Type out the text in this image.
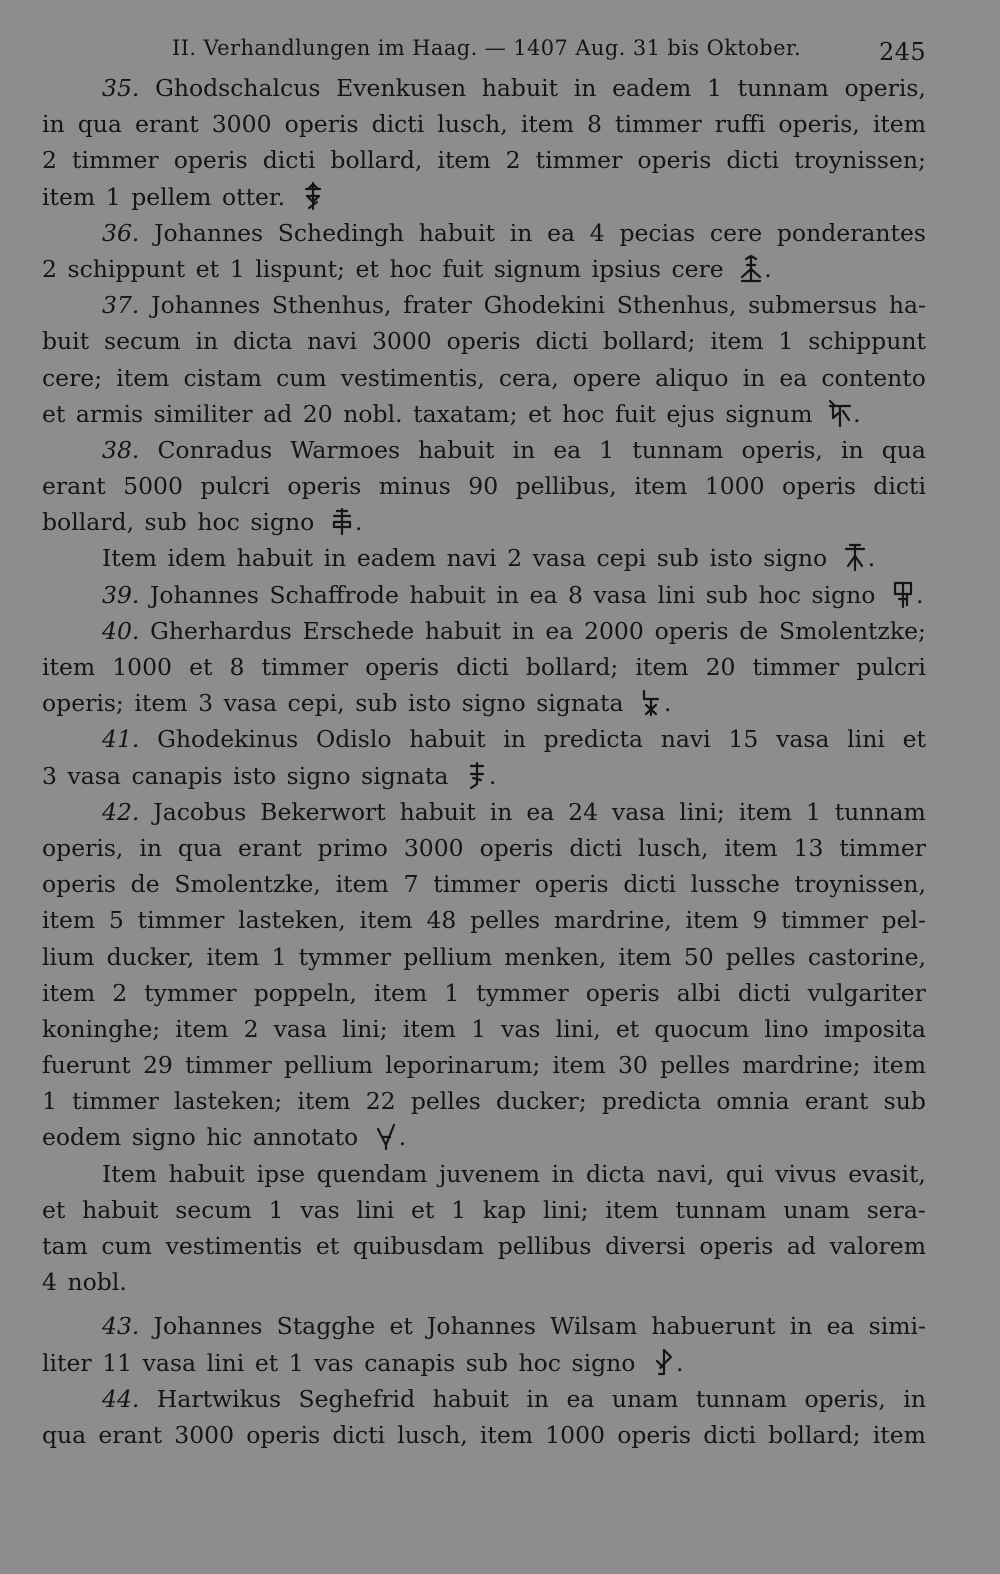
II. Verhandlungen im Haag. — 1407 Aug. 31 bis Oktober.	245
35. Ghodschalcus Evenkusen habuit in eadem 1 tunnam operis,
in qua erant 3000 operis dicti lusch, item 8 timmer ruffi operis, item
2 timmer operis dicti bollard, item 2 timmer operis dicti troynissen;
item 1 pellem otter.
36. Johannes Schedingh habuit in ea 4 pecias cere ponderantes
2 schippunt et 1 lispunt; et hoc fuit signum ipsius cere	.
37. Johannes Sthenhus, frater Ghodekini Sthenhus, submersus ha-
buit secum in dicta navi 3000 operis dicti bollard; item 1 schippunt
cere; item cistam cum vestimentis, cera, opere aliquo in ea contento
et armis similiter ad 20 nobl. taxatam; et hoc fuit ejus signum	.
38. Conradus Warmoes habuit in ea 1 tunnam operis, in qua
erant 5000 pulcri operis minus 90 pellibus, item 1000 operis dicti
bollard, sub hoc signo	.
Item idem habuit in eadem navi 2 vasa cepi sub isto signo	.
39. Johannes Schaffrode habuit in ea 8 vasa lini sub hoc signo	.
40. Gherhardus Erschede habuit in ea 2000 operis de Smolentzke;
item 1000 et 8 timmer operis dicti bollard; item 20 timmer pulcri
operis; item 3 vasa cepi, sub isto signo signata	.
41. Ghodekinus Odislo habuit in predicta navi 15 vasa lini et
3 vasa canapis isto signo signata	.
42. Jacobus Bekerwort habuit in ea 24 vasa lini; item 1 tunnam
operis, in qua erant primo 3000 operis dicti lusch, item 13 timmer
operis de Smolentzke, item 7 timmer operis dicti lussche troynissen,
item 5 timmer lasteken, item 48 pelles mardrine, item 9 timmer pel-
lium ducker, item 1 tymmer pellium menken, item 50 pelles castorine,
item 2 tymmer poppeln, item 1 tymmer operis albi dicti vulgariter
koninghe; item 2 vasa lini; item 1 vas lini, et quocum lino imposita
fuerunt 29 timmer pellium leporinarum; item 30 pelles mardrine; item
1 timmer lasteken; item 22 pelles ducker; predicta omnia erant sub
eodem signo hic annotato	.
Item habuit ipse quendam juvenem in dicta navi, qui vivus evasit,
et habuit secum 1 vas lini et 1 kap lini; item tunnam unam sera-
tam cum vestimentis et quibusdam pellibus diversi operis ad valorem
4 nobl.
43. Johannes Stagghe et Johannes Wilsam habuerunt in ea simi-
liter 11 vasa lini et 1 vas canapis sub hoc signo	.
44. Hartwikus Seghefrid habuit in ea unam tunnam operis, in
qua erant 3000 operis dicti lusch, item 1000 operis dicti bollard; item
